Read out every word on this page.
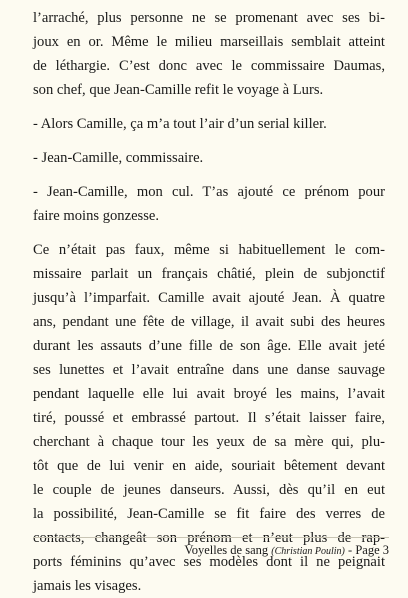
l’arraché, plus personne ne se promenant avec ses bi-
joux en or. Même le milieu marseillais semblait atteint
de léthargie. C’est donc avec le commissaire Daumas,
son chef, que Jean-Camille refit le voyage à Lurs.
- Alors Camille, ça m’a tout l’air d’un serial killer.
- Jean-Camille, commissaire.
- Jean-Camille, mon cul. T’as ajouté ce prénom pour
faire moins gonzesse.
Ce n’était pas faux, même si habituellement le com-
missaire parlait un français châtié, plein de subjonctif
jusqu’à l’imparfait. Camille avait ajouté Jean. À quatre
ans, pendant une fête de village, il avait subi des heures
durant les assauts d’une fille de son âge. Elle avait jeté
ses lunettes et l’avait entraîne dans une danse sauvage
pendant laquelle elle lui avait broyé les mains, l’avait
tiré, poussé et embrassé partout. Il s’était laisser faire,
cherchant à chaque tour les yeux de sa mère qui, plu-
tôt que de lui venir en aide, souriait bêtement devant
le couple de jeunes danseurs. Aussi, dès qu’il en eut
la possibilité, Jean-Camille se fit faire des verres de
contacts, changeât son prénom et n’eut plus de rap-
ports féminins qu’avec ses modèles dont il ne peignait
jamais les visages.
Voyelles de sang (Christian Poulin) - Page 3
